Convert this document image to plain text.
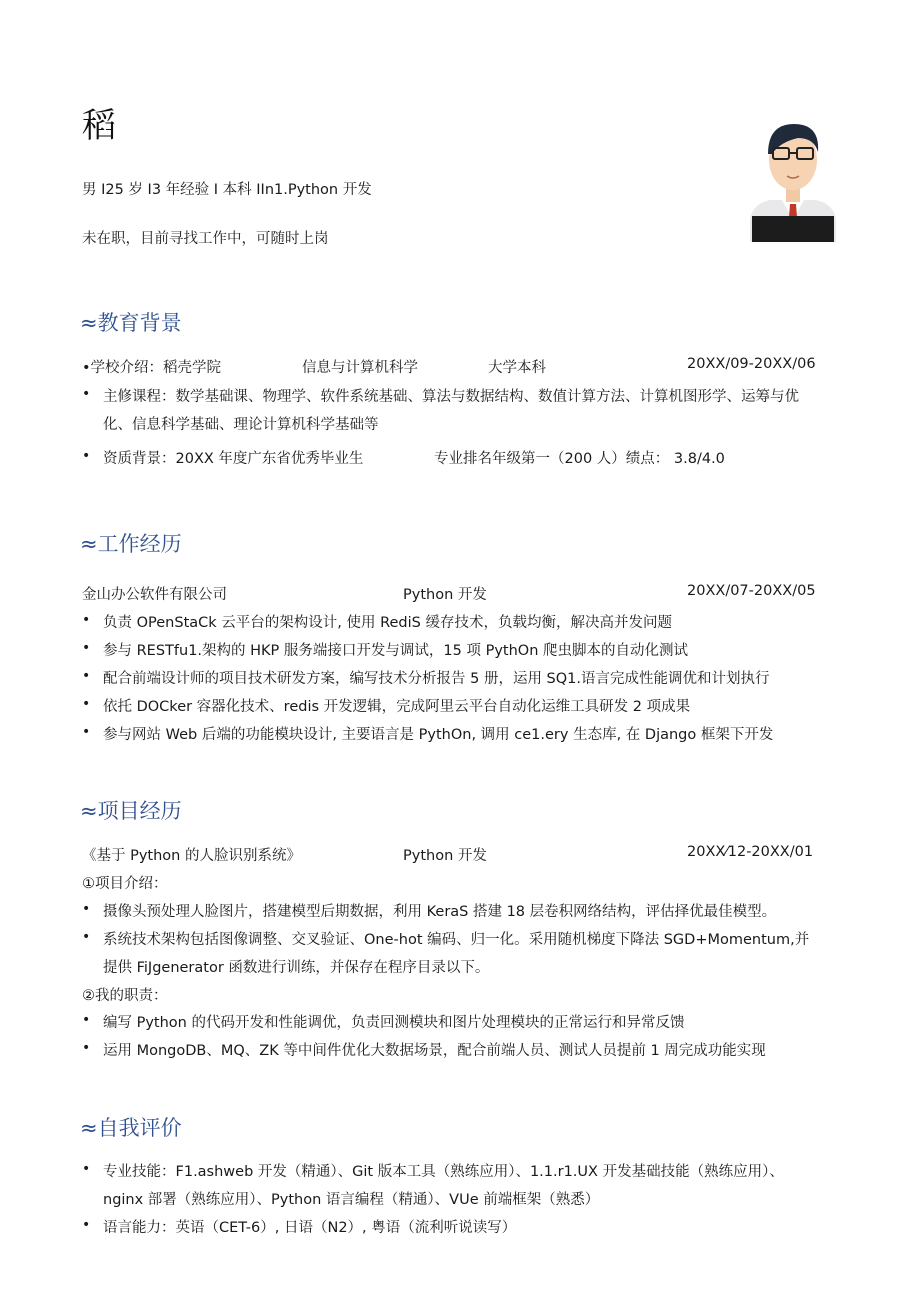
稻
男 I25 岁 I3 年经验 I 本科 IIn1.Python 开发
未在职，目前寻找工作中，可随时上岗
≈教育背景
•学校介绍：稻壳学院	信息与计算机科学	大学本科	20XX/09-20XX/06
• 主修课程：数学基础课、物理学、软件系统基础、算法与数据结构、数值计算方法、计算机图形学、运筹与优
化、信息科学基础、理论计算机科学基础等
• 资质背景：20XX 年度广东省优秀毕业生	专业排名年级第一（200 人）绩点： 3.8/4.0
≈工作经历
金山办公软件有限公司	Python 开发	20XX/07-20XX/05
• 负责 OPenStaCk 云平台的架构设计, 使用 RediS 缓存技术，负载均衡，解决高并发问题
• 参与 RESTfu1.架构的 HKP 服务端接口开发与调试，15 项 PythOn 爬虫脚本的自动化测试
• 配合前端设计师的项目技术研发方案，编写技术分析报告 5 册，运用 SQ1.语言完成性能调优和计划执行
• 依托 DOCker 容器化技术、redis 开发逻辑，完成阿里云平台自动化运维工具研发 2 项成果
• 参与网站 Web 后端的功能模块设计, 主要语言是 PythOn, 调用 ce1.ery 生态库, 在 Django 框架下开发
≈项目经历
《基于 Python 的人脸识别系统》	Python 开发	20XX⁄12-20XX/01
①项目介绍：
• 摄像头预处理人脸图片，搭建模型后期数据，利用 KeraS 搭建 18 层卷积网络结构，评估择优最佳模型。
• 系统技术架构包括图像调整、交叉验证、One-hot 编码、归一化。采用随机梯度下降法 SGD+Momentum,并
提供 FiJgenerator 函数进行训练，并保存在程序目录以下。
②我的职责：
• 编写 Python 的代码开发和性能调优，负责回测模块和图片处理模块的正常运行和异常反馈
• 运用 MongoDB、MQ、ZK 等中间件优化大数据场景，配合前端人员、测试人员提前 1 周完成功能实现
≈自我评价
• 专业技能：F1.ashweb 开发（精通）、Git 版本工具（熟练应用）、1.1.r1.UX 开发基础技能（熟练应用）、
nginx 部署（熟练应用）、Python 语言编程（精通）、VUe 前端框架（熟悉）
• 语言能力：英语（CET-6）, 日语（N2）, 粤语（流利听说读写）
